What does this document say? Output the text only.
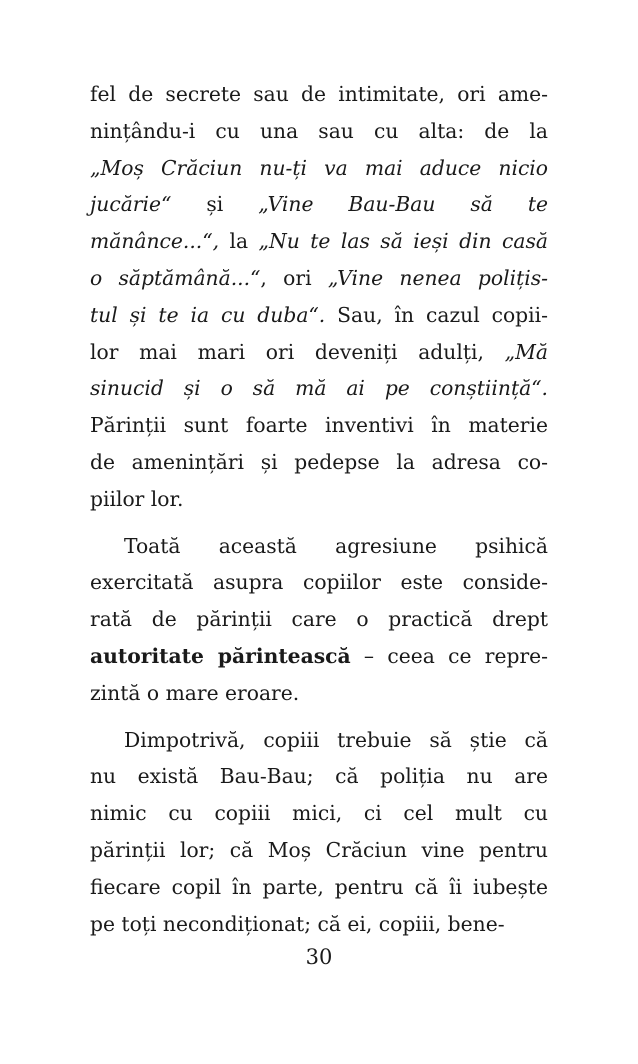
fel de secrete sau de intimitate, ori ame-
nințându-i cu una sau cu alta: de la
„Moș Crăciun nu-ți va mai aduce nicio
jucărie“ și „Vine Bau-Bau să te
mănânce...“, la „Nu te las să ieși din casă
o săptămână...“, ori „Vine nenea polițis-
tul și te ia cu duba“. Sau, în cazul copii-
lor mai mari ori deveniți adulți, „Mă
sinucid și o să mă ai pe conștiință“.
Părinții sunt foarte inventivi în materie
de amenințări și pedepse la adresa co-
piilor lor.
Toată această agresiune psihică
exercitată asupra copiilor este conside-
rată de părinții care o practică drept
autoritate părintească – ceea ce repre-
zintă o mare eroare.
Dimpotrivă, copiii trebuie să știe că
nu există Bau-Bau; că poliția nu are
nimic cu copiii mici, ci cel mult cu
părinții lor; că Moș Crăciun vine pentru
fiecare copil în parte, pentru că îi iubește
pe toți necondiționat; că ei, copiii, bene-
30
